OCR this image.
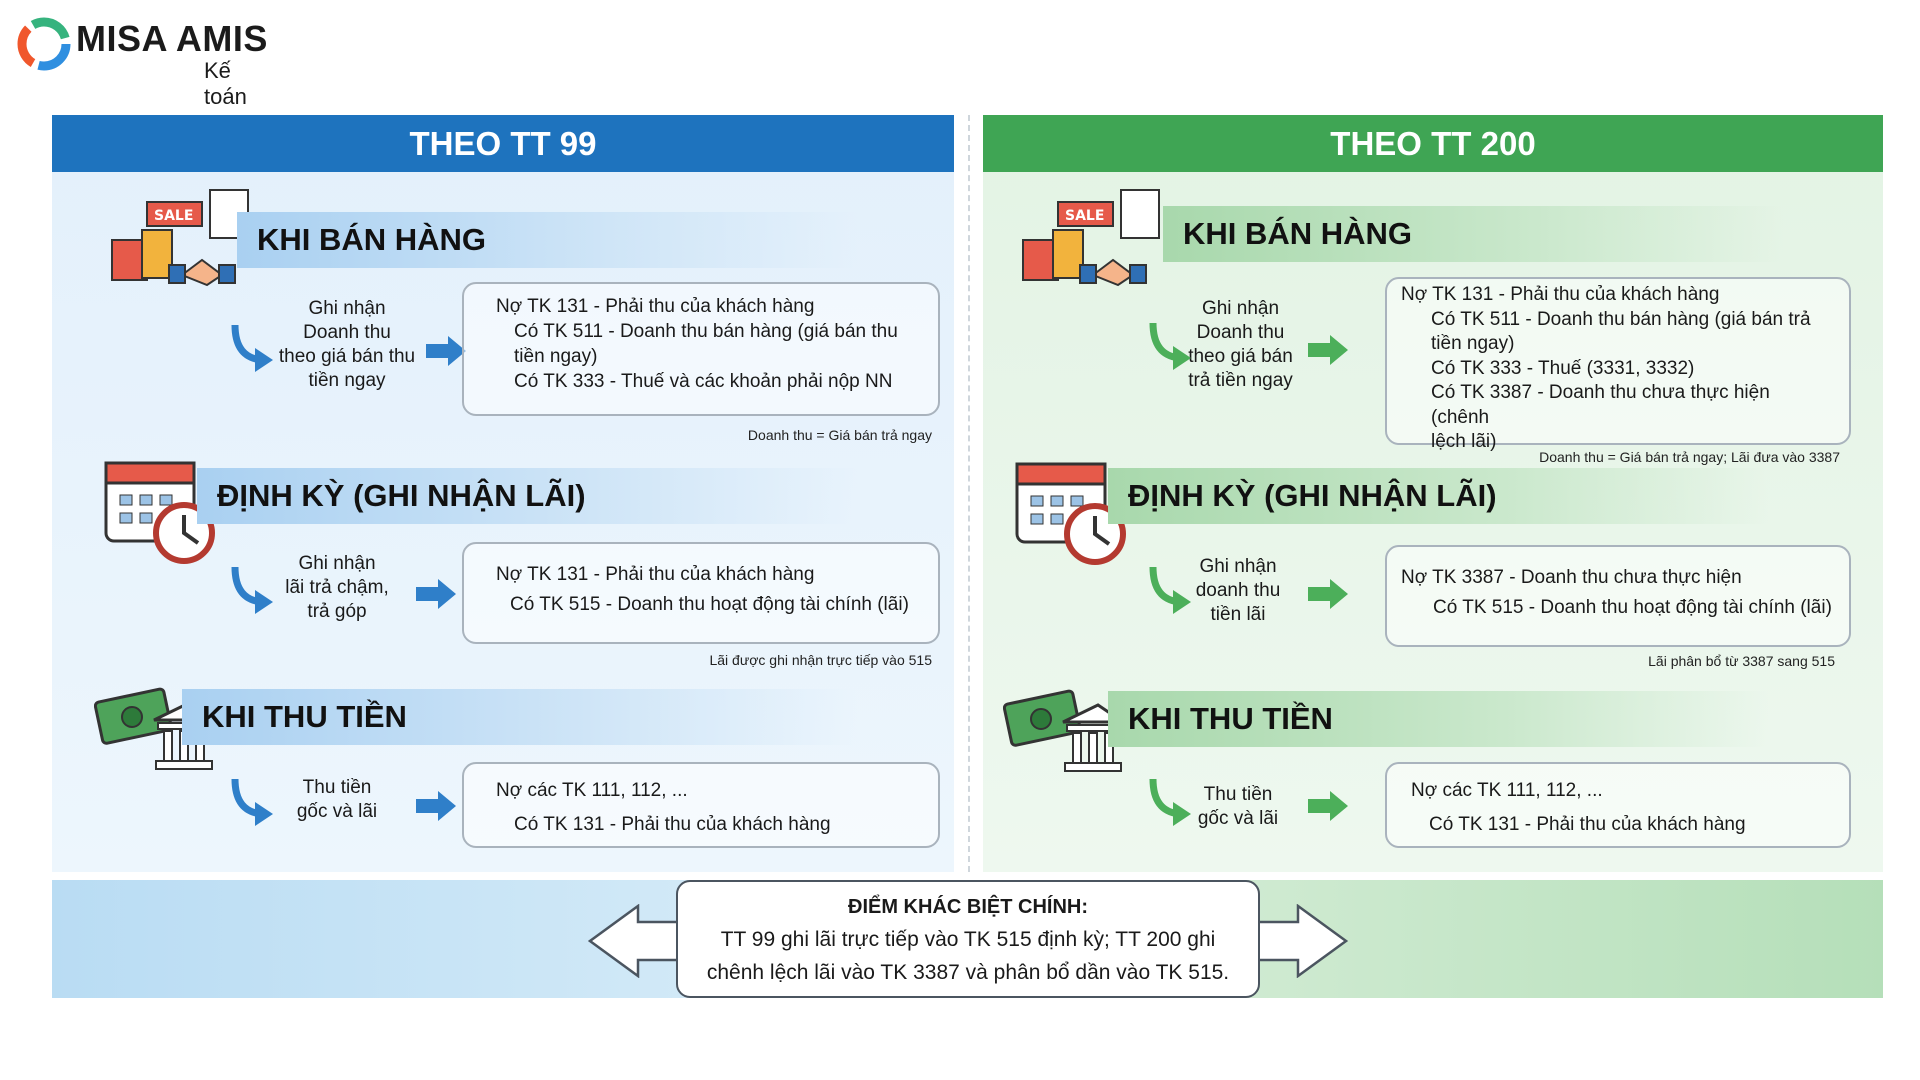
MISA AMIS
Kế toán
THEO TT 99
SALE
KHI BÁN HÀNG
Ghi nhận
Doanh thu
theo giá bán thu
tiền ngay
Nợ TK 131 - Phải thu của khách hàng
Có TK 511 - Doanh thu bán hàng (giá bán thu
tiền ngay)
Có TK 333 - Thuế và các khoản phải nộp NN
Doanh thu = Giá bán trả ngay
ĐỊNH KỲ (GHI NHẬN LÃI)
Ghi nhận
lãi trả chậm,
trả góp
Nợ TK 131 - Phải thu của khách hàng
Có TK 515 - Doanh thu hoạt động tài chính (lãi)
Lãi được ghi nhận trực tiếp vào 515
KHI THU TIỀN
Thu tiền
gốc và lãi
Nợ các TK 111, 112, ...
Có TK 131 - Phải thu của khách hàng
THEO TT 200
SALE	KHI BÁN HÀNG
Ghi nhận
Doanh thu
theo giá bán
trả tiền ngay
Nợ TK 131 - Phải thu của khách hàng
Có TK 511 - Doanh thu bán hàng (giá bán trả
tiền ngay)
Có TK 333 - Thuế (3331, 3332)
Có TK 3387 - Doanh thu chưa thực hiện (chênh
lệch lãi)
Doanh thu = Giá bán trả ngay; Lãi đưa vào 3387
ĐỊNH KỲ (GHI NHẬN LÃI)
Ghi nhận
doanh thu
tiền lãi
Nợ TK 3387 - Doanh thu chưa thực hiện
Có TK 515 - Doanh thu hoạt động tài chính (lãi)
Lãi phân bổ từ 3387 sang 515
KHI THU TIỀN
Thu tiền
gốc và lãi
Nợ các TK 111, 112, ...
Có TK 131 - Phải thu của khách hàng
ĐIỂM KHÁC BIỆT CHÍNH:
TT 99 ghi lãi trực tiếp vào TK 515 định kỳ; TT 200 ghi
chênh lệch lãi vào TK 3387 và phân bổ dần vào TK 515.
